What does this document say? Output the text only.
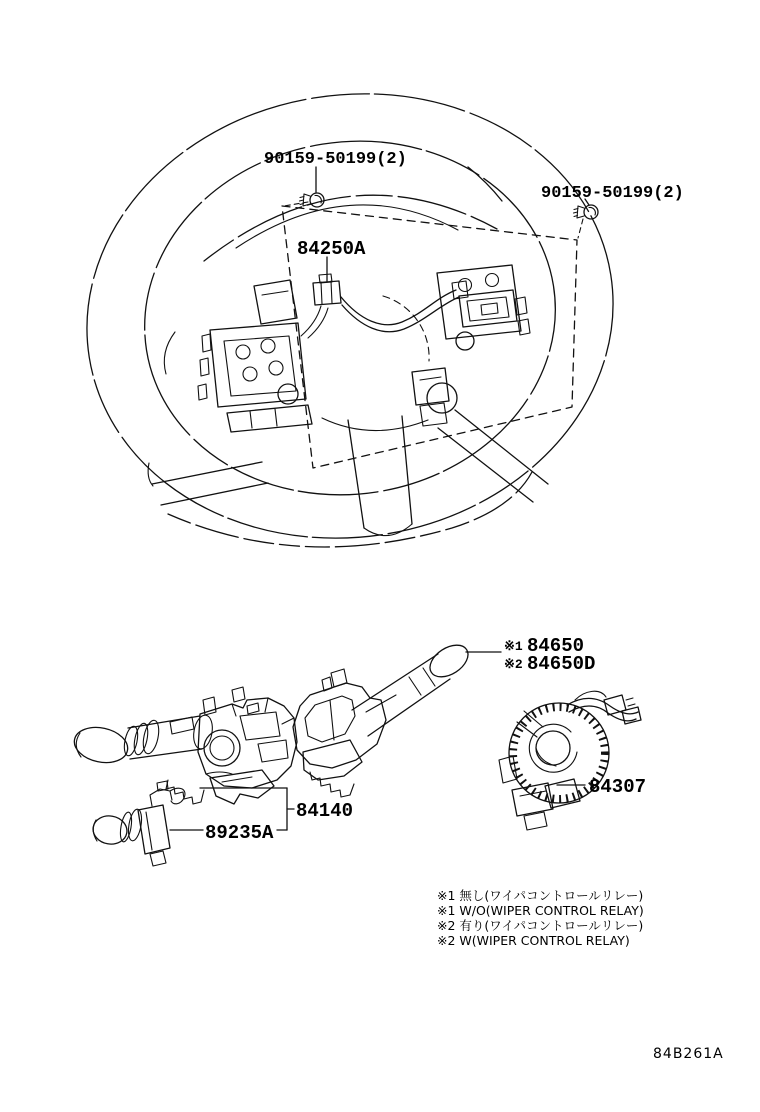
90159-50199(2)
90159-50199(2)
84250A
※1 84650
※2 84650D
84307
84140
89235A
※1 無し(ワイパコントロールリレー)
※1 W/O(WIPER CONTROL RELAY)
※2 有り(ワイパコントロールリレー)
※2 W(WIPER CONTROL RELAY)
84B261A
